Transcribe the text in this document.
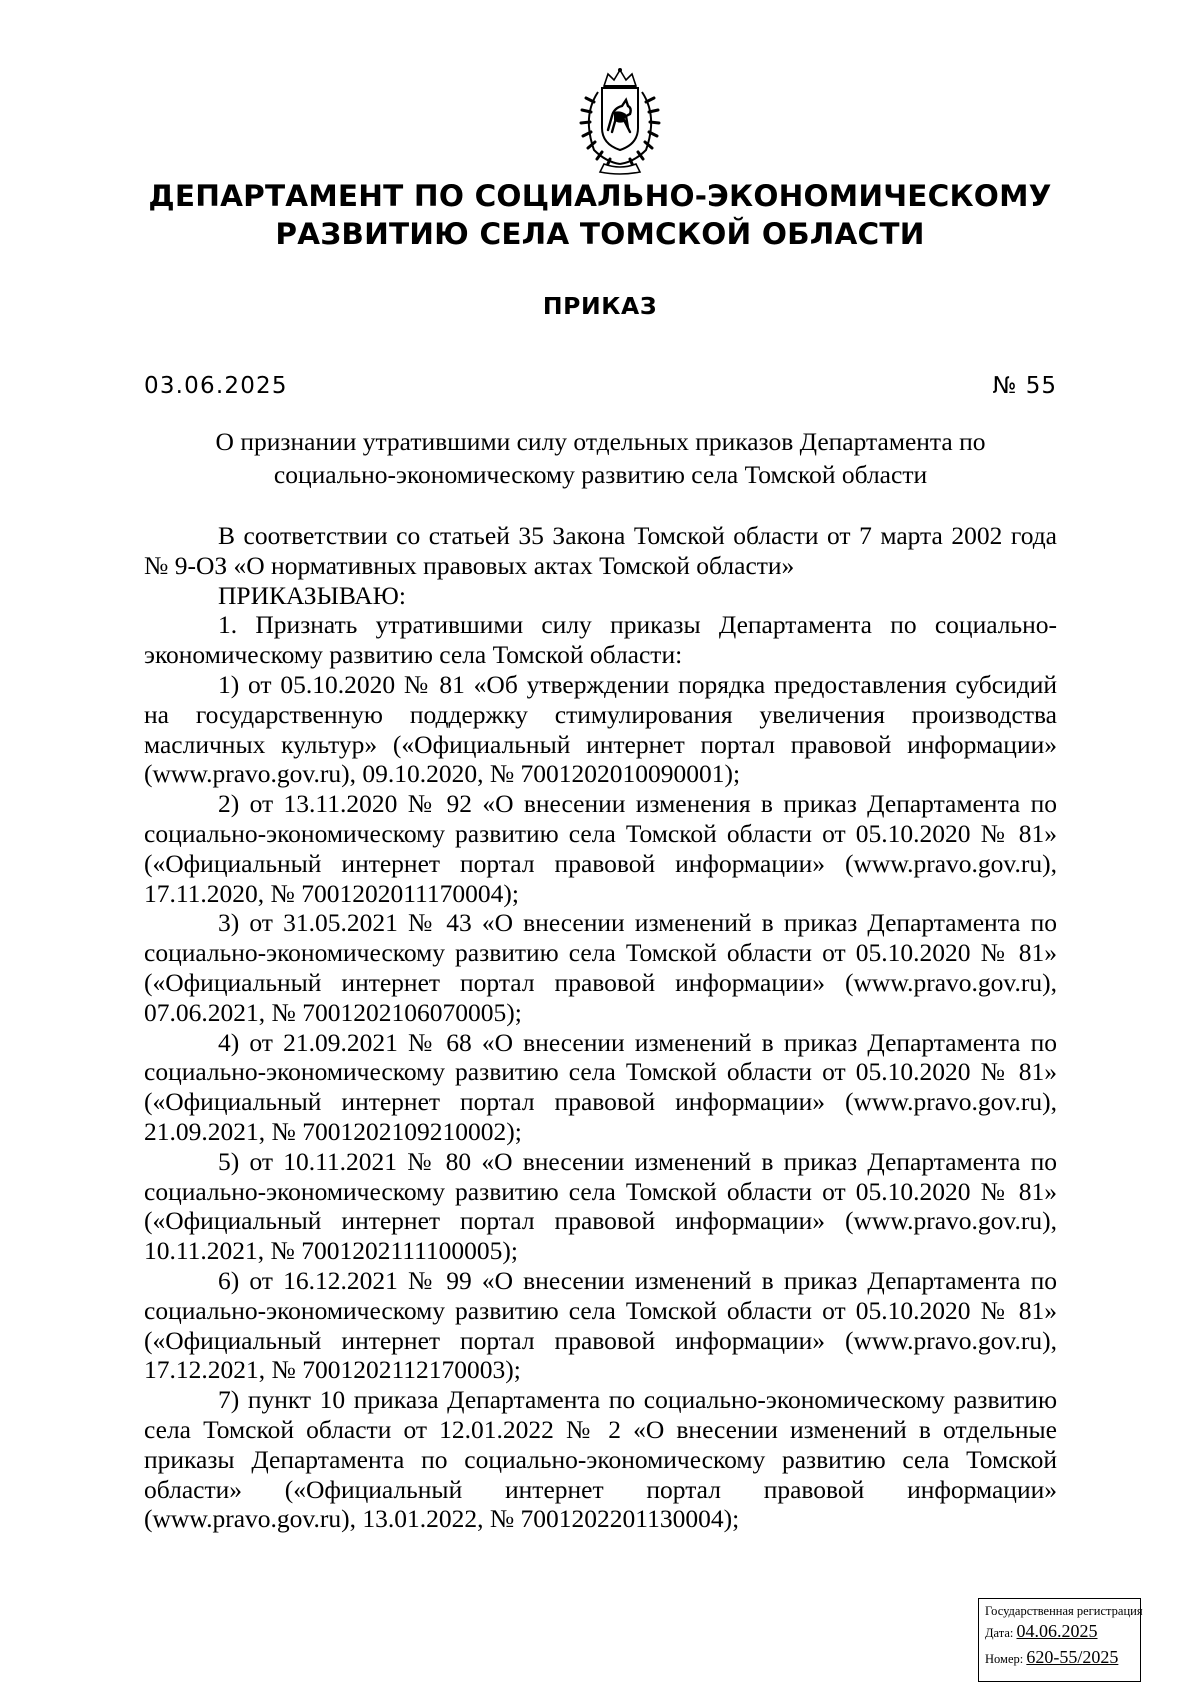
ДЕПАРТАМЕНТ ПО СОЦИАЛЬНО-ЭКОНОМИЧЕСКОМУ
РАЗВИТИЮ СЕЛА ТОМСКОЙ ОБЛАСТИ
ПРИКАЗ
03.06.2025	№ 55
О признании утратившими силу отдельных приказов Департамента по
социально-экономическому развитию села Томской области

В соответствии со статьей 35 Закона Томской области от 7 марта 2002 года № 9-ОЗ «О нормативных правовых актах Томской области»

ПРИКАЗЫВАЮ:

1. Признать утратившими силу приказы Департамента по социально-экономическому развитию села Томской области:

1) от 05.10.2020 № 81 «Об утверждении порядка предоставления субсидий на государственную поддержку стимулирования увеличения производства масличных культур» («Официальный интернет портал правовой информации» (www.pravo.gov.ru), 09.10.2020, № 7001202010090001);

2) от 13.11.2020 № 92 «О внесении изменения в приказ Департамента по социально-экономическому развитию села Томской области от 05.10.2020 № 81» («Официальный интернет портал правовой информации» (www.pravo.gov.ru), 17.11.2020, № 7001202011170004);

3) от 31.05.2021 № 43 «О внесении изменений в приказ Департамента по социально-экономическому развитию села Томской области от 05.10.2020 № 81» («Официальный интернет портал правовой информации» (www.pravo.gov.ru), 07.06.2021, № 7001202106070005);

4) от 21.09.2021 № 68 «О внесении изменений в приказ Департамента по социально-экономическому развитию села Томской области от 05.10.2020 № 81» («Официальный интернет портал правовой информации» (www.pravo.gov.ru), 21.09.2021, № 7001202109210002);

5) от 10.11.2021 № 80 «О внесении изменений в приказ Департамента по социально-экономическому развитию села Томской области от 05.10.2020 № 81» («Официальный интернет портал правовой информации» (www.pravo.gov.ru), 10.11.2021, № 7001202111100005);

6) от 16.12.2021 № 99 «О внесении изменений в приказ Департамента по социально-экономическому развитию села Томской области от 05.10.2020 № 81» («Официальный интернет портал правовой информации» (www.pravo.gov.ru), 17.12.2021, № 7001202112170003);

7) пункт 10 приказа Департамента по социально-экономическому развитию села Томской области от 12.01.2022 № 2 «О внесении изменений в отдельные приказы Департамента по социально-экономическому развитию села Томской области» («Официальный интернет портал правовой информации» (www.pravo.gov.ru), 13.01.2022, № 7001202201130004);

Государственная регистрация
Дата: 04.06.2025
Номер: 620-55/2025
